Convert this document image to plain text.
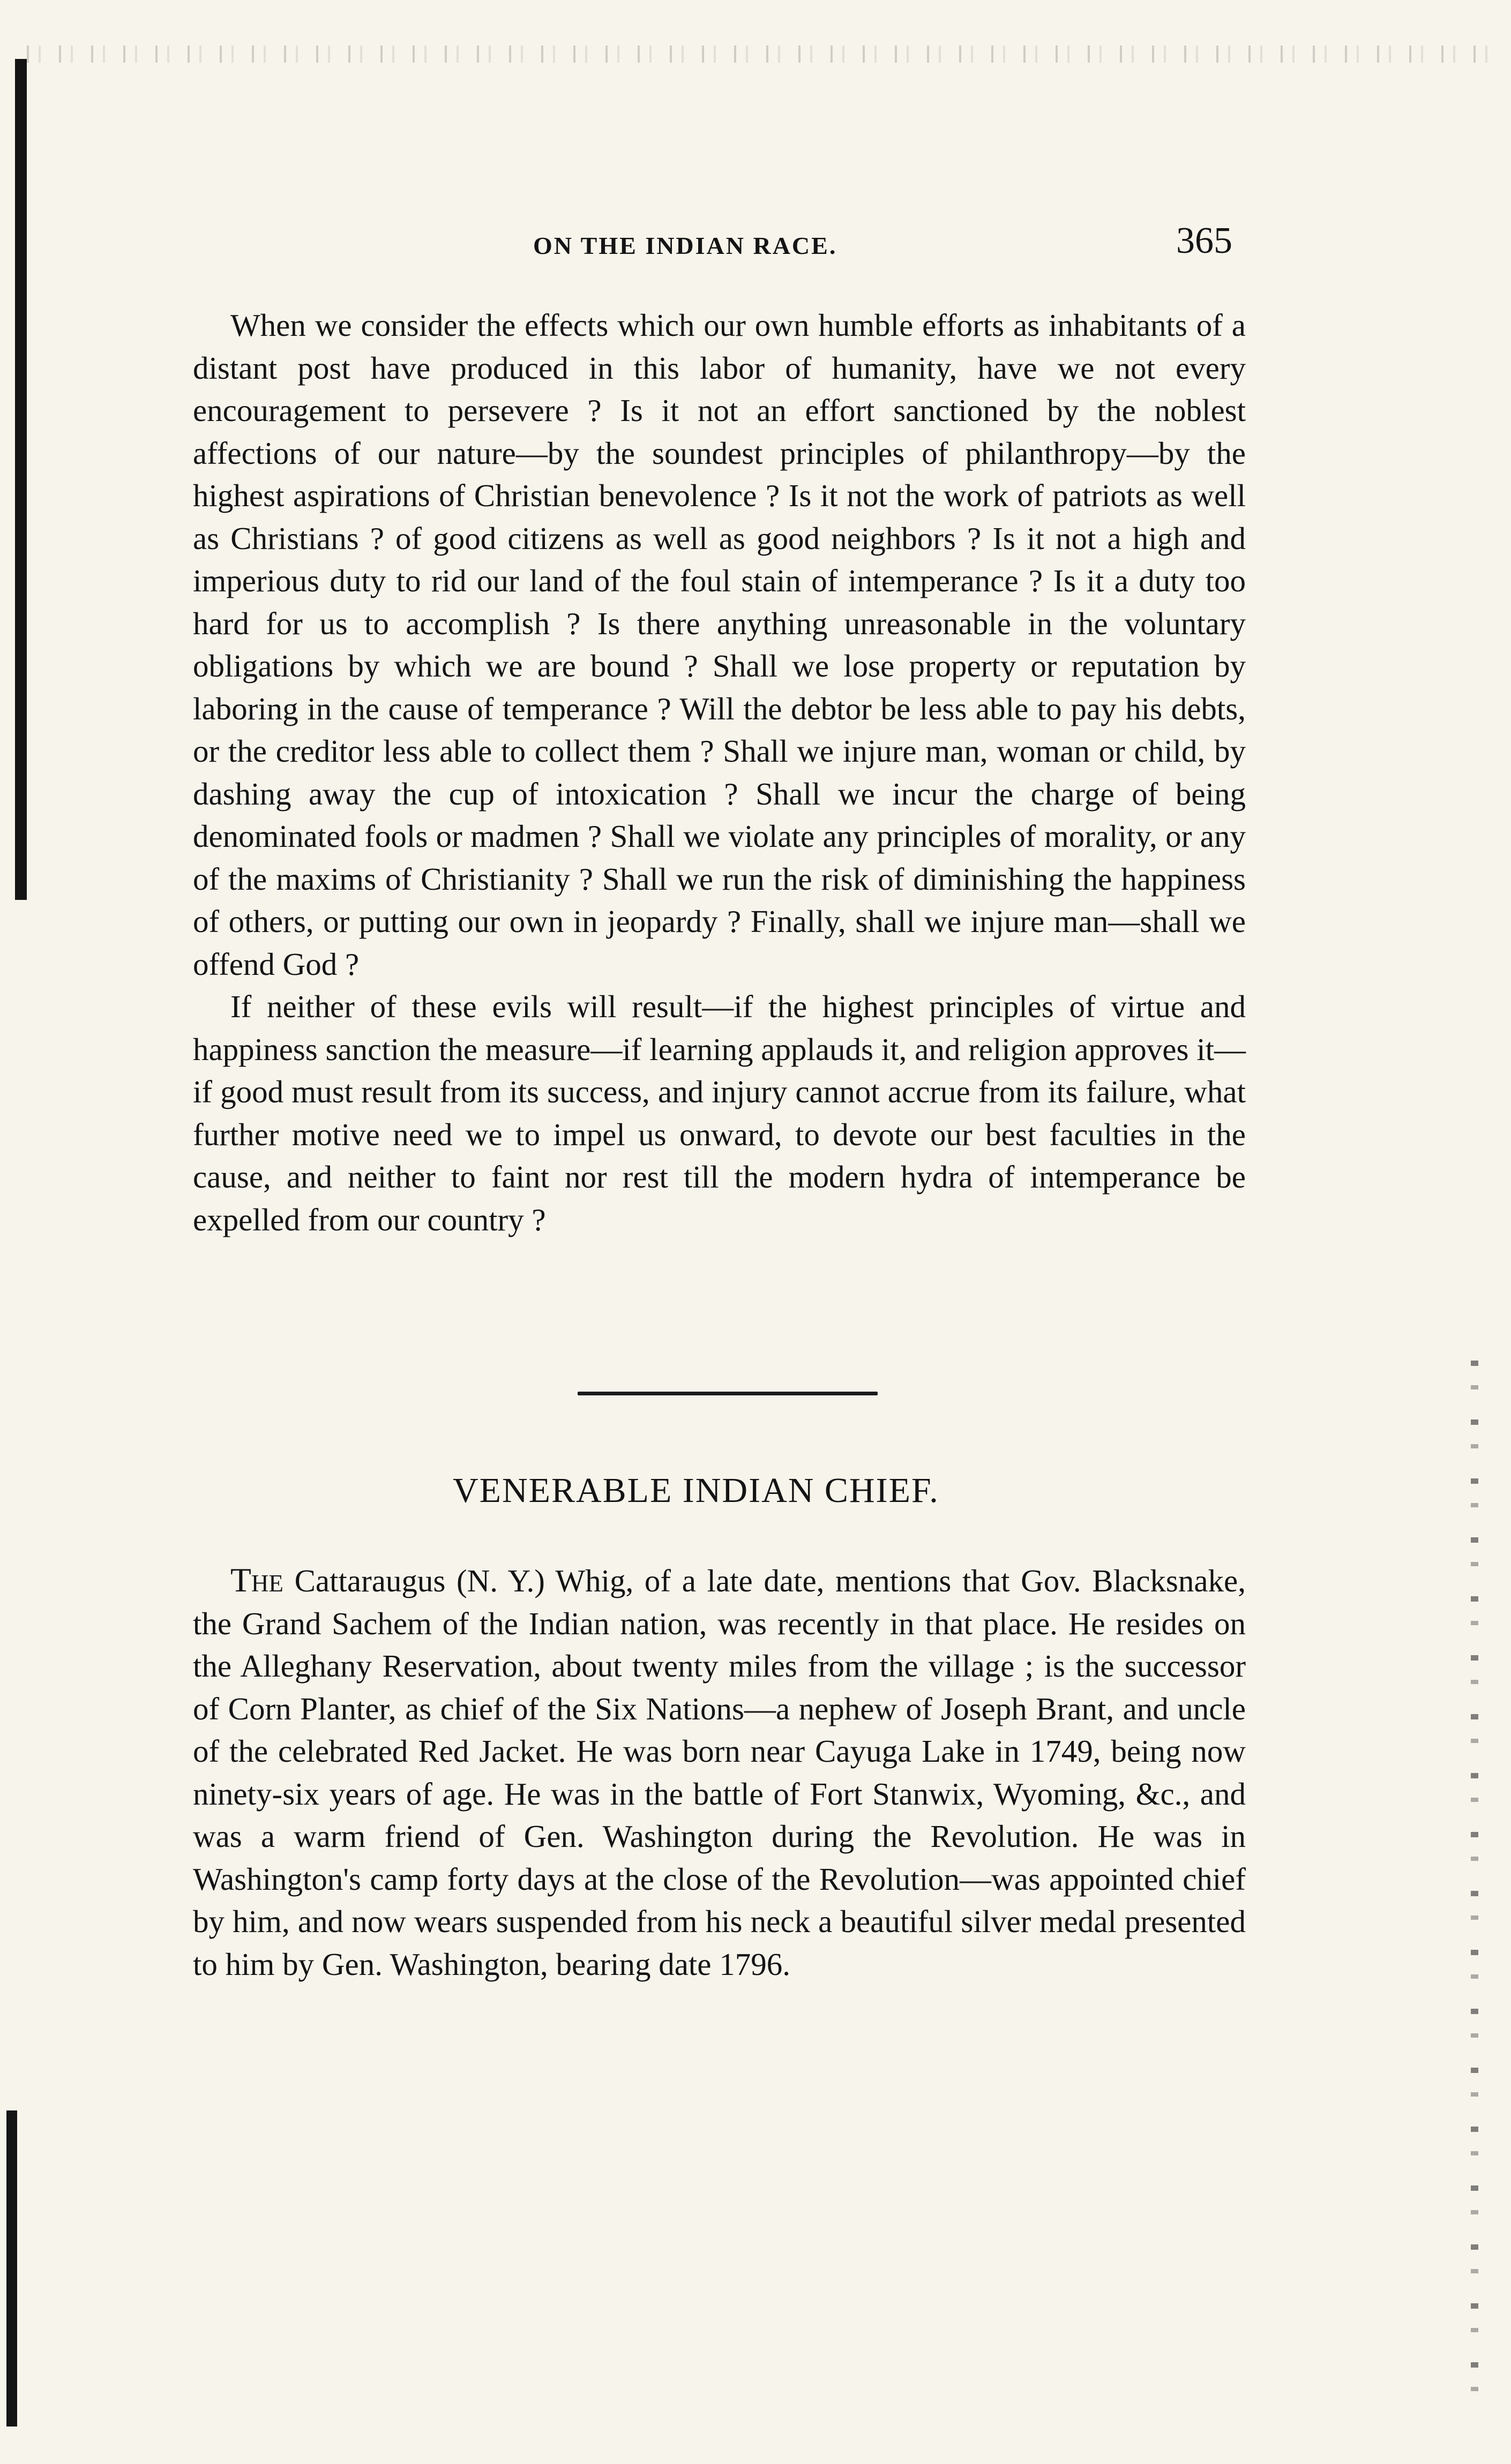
ON THE INDIAN RACE.	365

When we consider the effects which our own humble efforts as inhabitants of a distant post have produced in this labor of humanity, have we not every encouragement to persevere ? Is it not an effort sanctioned by the noblest affections of our nature—by the soundest principles of philanthropy—by the highest aspirations of Christian benevolence ? Is it not the work of patriots as well as Christians ? of good citizens as well as good neighbors ? Is it not a high and imperious duty to rid our land of the foul stain of intemperance ? Is it a duty too hard for us to accomplish ? Is there anything unreasonable in the voluntary obligations by which we are bound ? Shall we lose property or reputation by laboring in the cause of temperance ? Will the debtor be less able to pay his debts, or the creditor less able to collect them ? Shall we injure man, woman or child, by dashing away the cup of intoxication ? Shall we incur the charge of being denominated fools or madmen ? Shall we violate any principles of morality, or any of the maxims of Christianity ? Shall we run the risk of diminishing the happiness of others, or putting our own in jeopardy ? Finally, shall we injure man—shall we offend God ?

If neither of these evils will result—if the highest principles of virtue and happiness sanction the measure—if learning applauds it, and religion approves it—if good must result from its success, and injury cannot accrue from its failure, what further motive need we to impel us onward, to devote our best faculties in the cause, and neither to faint nor rest till the modern hydra of intemperance be expelled from our country ?

VENERABLE INDIAN CHIEF.

The Cattaraugus (N. Y.) Whig, of a late date, mentions that Gov. Blacksnake, the Grand Sachem of the Indian nation, was recently in that place. He resides on the Alleghany Reservation, about twenty miles from the village ; is the successor of Corn Planter, as chief of the Six Nations—a nephew of Joseph Brant, and uncle of the celebrated Red Jacket. He was born near Cayuga Lake in 1749, being now ninety-six years of age. He was in the battle of Fort Stanwix, Wyoming, &c., and was a warm friend of Gen. Washington during the Revolution. He was in Washington's camp forty days at the close of the Revolution—was appointed chief by him, and now wears suspended from his neck a beautiful silver medal presented to him by Gen. Washington, bearing date 1796.
